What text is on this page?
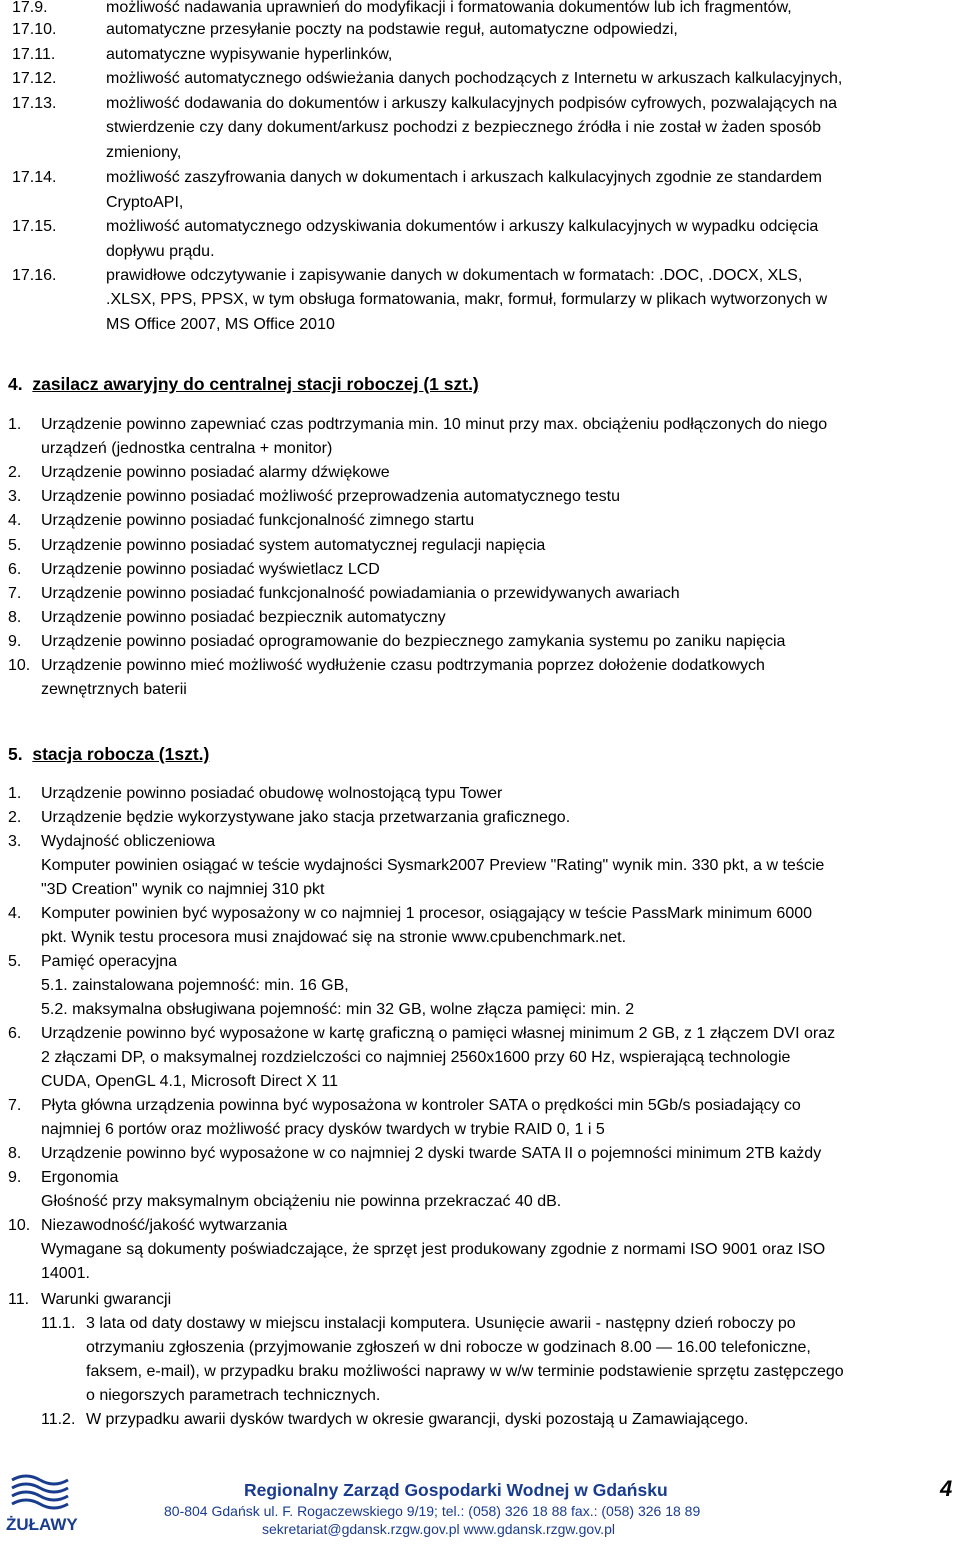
17.9.	możliwość nadawania uprawnień do modyfikacji i formatowania dokumentów lub ich fragmentów,
17.10.	automatyczne przesyłanie poczty na podstawie reguł, automatyczne odpowiedzi,
17.11.	automatyczne wypisywanie hyperlinków,
17.12.	możliwość automatycznego odświeżania danych pochodzących z Internetu w arkuszach kalkulacyjnych,
17.13.	możliwość dodawania do dokumentów i arkuszy kalkulacyjnych podpisów cyfrowych, pozwalających na
stwierdzenie czy dany dokument/arkusz pochodzi z bezpiecznego źródła i nie został w żaden sposób
zmieniony,
17.14.	możliwość zaszyfrowania danych w dokumentach i arkuszach kalkulacyjnych zgodnie ze standardem
CryptoAPI,
17.15.	możliwość automatycznego odzyskiwania dokumentów i arkuszy kalkulacyjnych w wypadku odcięcia
dopływu prądu.
17.16.	prawidłowe odczytywanie i zapisywanie danych w dokumentach w formatach: .DOC, .DOCX, XLS,
.XLSX, PPS, PPSX, w tym obsługa formatowania, makr, formuł, formularzy w plikach wytworzonych w
MS Office 2007, MS Office 2010
4. zasilacz awaryjny do centralnej stacji roboczej (1 szt.)
1. Urządzenie powinno zapewniać czas podtrzymania min. 10 minut przy max. obciążeniu podłączonych do niego
urządzeń (jednostka centralna + monitor)
2. Urządzenie powinno posiadać alarmy dźwiękowe
3. Urządzenie powinno posiadać możliwość przeprowadzenia automatycznego testu
4. Urządzenie powinno posiadać funkcjonalność zimnego startu
5. Urządzenie powinno posiadać system automatycznej regulacji napięcia
6. Urządzenie powinno posiadać wyświetlacz LCD
7. Urządzenie powinno posiadać funkcjonalność powiadamiania o przewidywanych awariach
8. Urządzenie powinno posiadać bezpiecznik automatyczny
9. Urządzenie powinno posiadać oprogramowanie do bezpiecznego zamykania systemu po zaniku napięcia
10. Urządzenie powinno mieć możliwość wydłużenie czasu podtrzymania poprzez dołożenie dodatkowych
zewnętrznych baterii
5. stacja robocza (1szt.)
1. Urządzenie powinno posiadać obudowę wolnostojącą typu Tower
2. Urządzenie będzie wykorzystywane jako stacja przetwarzania graficznego.
3. Wydajność obliczeniowa
Komputer powinien osiągać w teście wydajności Sysmark2007 Preview "Rating" wynik min. 330 pkt, a w teście
"3D Creation" wynik co najmniej 310 pkt
4. Komputer powinien być wyposażony w co najmniej 1 procesor, osiągający w teście PassMark minimum 6000
pkt. Wynik testu procesora musi znajdować się na stronie www.cpubenchmark.net.
5. Pamięć operacyjna
5.1. zainstalowana pojemność: min. 16 GB,
5.2. maksymalna obsługiwana pojemność: min 32 GB, wolne złącza pamięci: min. 2
6. Urządzenie powinno być wyposażone w kartę graficzną o pamięci własnej minimum 2 GB, z 1 złączem DVI oraz
2 złączami DP, o maksymalnej rozdzielczości co najmniej 2560x1600 przy 60 Hz, wspierającą technologie
CUDA, OpenGL 4.1, Microsoft Direct X 11
7. Płyta główna urządzenia powinna być wyposażona w kontroler SATA o prędkości min 5Gb/s posiadający co
najmniej 6 portów oraz możliwość pracy dysków twardych w trybie RAID 0, 1 i 5
8. Urządzenie powinno być wyposażone w co najmniej 2 dyski twarde SATA II o pojemności minimum 2TB każdy
9. Ergonomia
Głośność przy maksymalnym obciążeniu nie powinna przekraczać 40 dB.
10. Niezawodność/jakość wytwarzania
Wymagane są dokumenty poświadczające, że sprzęt jest produkowany zgodnie z normami ISO 9001 oraz ISO
14001.
11. Warunki gwarancji
11.1. 3 lata od daty dostawy w miejscu instalacji komputera. Usunięcie awarii - następny dzień roboczy po
otrzymaniu zgłoszenia (przyjmowanie zgłoszeń w dni robocze w godzinach 8.00 — 16.00 telefoniczne,
faksem, e-mail), w przypadku braku możliwości naprawy w w/w terminie podstawienie sprzętu zastępczego
o niegorszych parametrach technicznych.
11.2. W przypadku awarii dysków twardych w okresie gwarancji, dyski pozostają u Zamawiającego.
ŻUŁAWY
Regionalny Zarząd Gospodarki Wodnej w Gdańsku
80-804 Gdańsk ul. F. Rogaczewskiego 9/19; tel.: (058) 326 18 88 fax.: (058) 326 18 89
sekretariat@gdansk.rzgw.gov.pl www.gdansk.rzgw.gov.pl
4
